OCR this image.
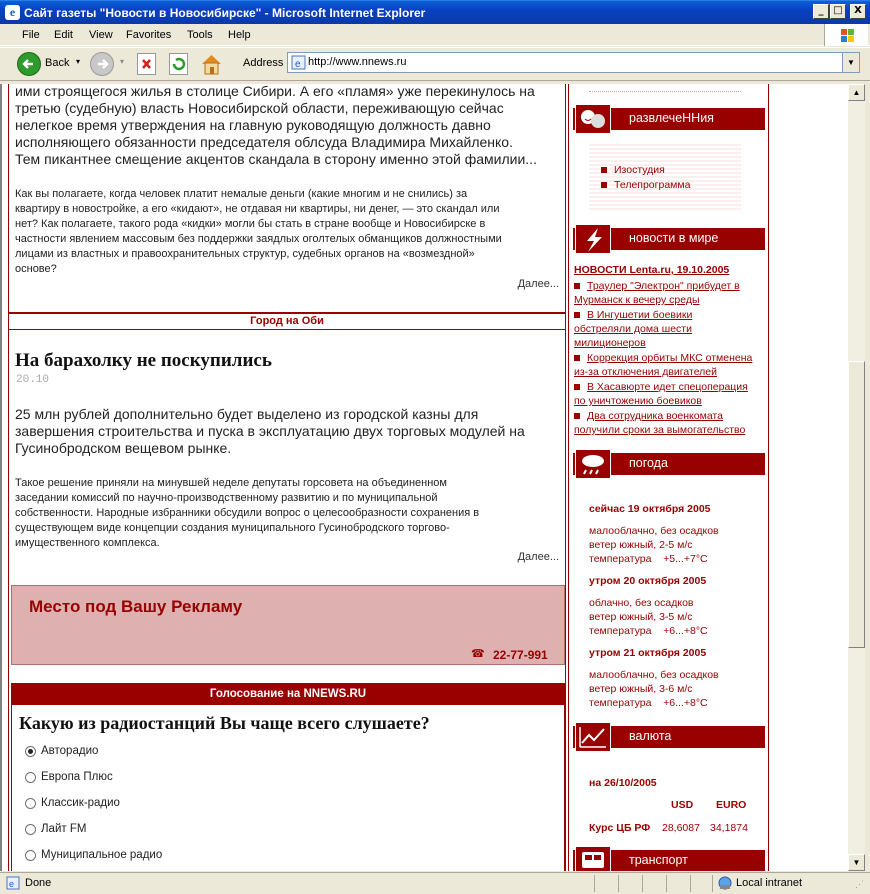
e Сайт газеты "Новости в Новосибирске" - Microsoft Internet Explorer	_ □	X
File Edit View Favorites Tools Help
Back ▾	▾	Address e http://www.nnews.ru	▼
ими строящегося жилья в столице Сибири. А его «пламя» уже перекинулось на
третью (судебную) власть Новосибирской области, переживающую сейчас
нелегкое время утверждения на главную руководящую должность давно
исполняющего обязанности председателя облсуда Владимира Михайленко.
Тем пикантнее смещение акцентов скандала в сторону именно этой фамилии...
Как вы полагаете, когда человек платит немалые деньги (какие многим и не снились) за
квартиру в новостройке, а его «кидают», не отдавая ни квартиры, ни денег, — это скандал или
нет? Как полагаете, такого рода «кидки» могли бы стать в стране вообще и Новосибирске в
частности явлением массовым без поддержки заядлых оголтелых обманщиков должностными
лицами из властных и правоохранительных структур, судебных органов на «возмездной»
основе?
Далее...
Город на Оби
На барахолку не поскупились
20.10
25 млн рублей дополнительно будет выделено из городской казны для
завершения строительства и пуска в эксплуатацию двух торговых модулей на
Гусинобродском вещевом рынке.
Такое решение приняли на минувшей неделе депутаты горсовета на объединенном
заседании комиссий по научно-производственному развитию и по муниципальной
собственности. Народные избранники обсудили вопрос о целесообразности сохранения в
существующем виде концепции создания муниципального Гусинобродского торгово-
имущественного комплекса.
Далее...
Место под Вашу Рекламу
☎ 22-77-991
Голосование на NNEWS.RU
Какую из радиостанций Вы чаще всего слушаете?
Авторадио
Европа Плюс
Классик-радио
Лайт FM
Муниципальное радио
развлечеННия
Изостудия
Телепрограмма
новости в мире
НОВОСТИ Lenta.ru, 19.10.2005
Траулер "Электрон" прибудет в
Мурманск к вечеру среды
В Ингушетии боевики
обстреляли дома шести
милиционеров
Коррекция орбиты МКС отменена
из-за отключения двигателей
В Хасавюрте идет спецоперация
по уничтожению боевиков
Два сотрудника военкомата
получили сроки за вымогательство
погода
сейчас 19 октября 2005
малооблачно, без осадков
ветер южный, 2-5 м/с
температура    +5...+7°С
утром 20 октября 2005
облачно, без осадков
ветер южный, 3-5 м/с
температура    +6...+8°С
утром 21 октября 2005
малооблачно, без осадков
ветер южный, 3-6 м/с
температура    +6...+8°С
валюта
на 26/10/2005
USD EURO
Курс ЦБ РФ 28,6087 34,1874
транспорт
▲
▼
e Done	Local intranet	⋰
